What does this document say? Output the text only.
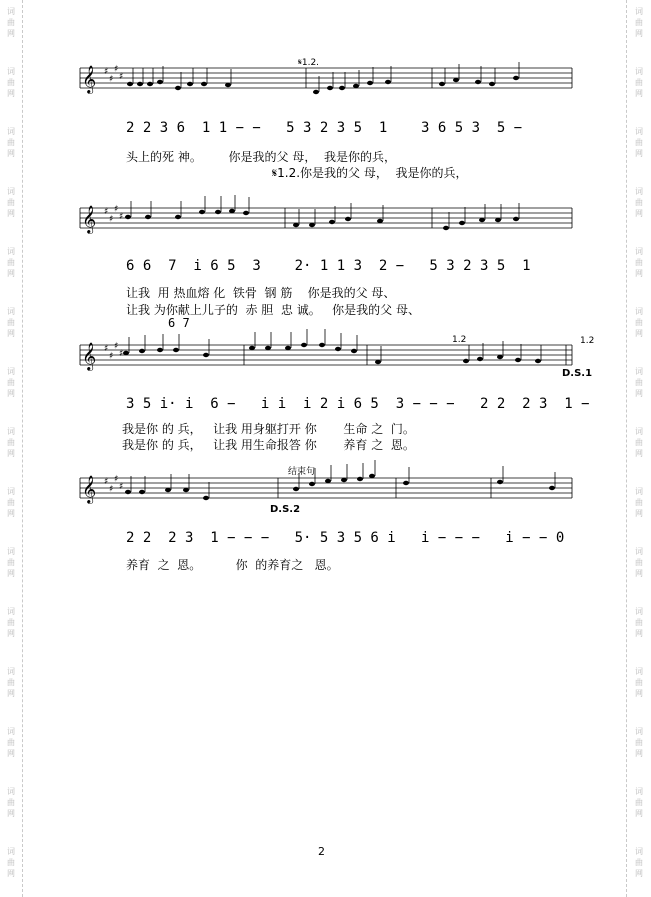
词
曲
网
词
曲
网
词
曲
网
词
曲
网
词
曲
网
词
曲
网
词
曲
网
词
曲
网
词
曲
网
词
曲
网
词
曲
网
词
曲
网
词
曲
网
词
曲
网
词
曲
网
词
曲
网
词
曲
网
词
曲
网
词
曲
网
词
曲
网
词
曲
网
词
曲
网
词
曲
网
词
曲
网
词
曲
网
词
曲
网
词
曲
网
词
曲
网
词
曲
网
词
曲
网
𝄞 ♯
♯
♯
♯
𝄞 ♯
♯
♯
♯
𝄞 ♯
♯
♯
♯
𝄞 ♯
♯
♯
♯
𝄋1.2.
2 2 3 6  1 1 − −   5 3 2 3 5  1    3 6 5 3  5 −
头上的死 神。       你是我的父 母，  我是你的兵，
𝄋1.2.你是我的父 母，  我是你的兵，
6 6  7  i 6 5  3    2· 1 1 3  2 −   5 3 2 3 5  1
让我  用 热血熔 化  铁骨  钢 筋    你是我的父 母、
让我 为你献上儿子的  赤 胆  忠 诚。   你是我的父 母、
6 7
1.2	1.2
D.S.1
3 5 i· i  6 −   i i  i 2 i 6 5  3 − − −   2 2  2 3  1 −
我是你 的 兵，   让我 用身躯打开 你       生命 之  门。
我是你 的 兵，   让我 用生命报答 你       养育 之  恩。
结束句
D.S.2
2 2  2 3  1 − − −   5· 5 3 5 6 i   i − − −   i − − 0
养育  之  恩。         你  的养育之   恩。
2
